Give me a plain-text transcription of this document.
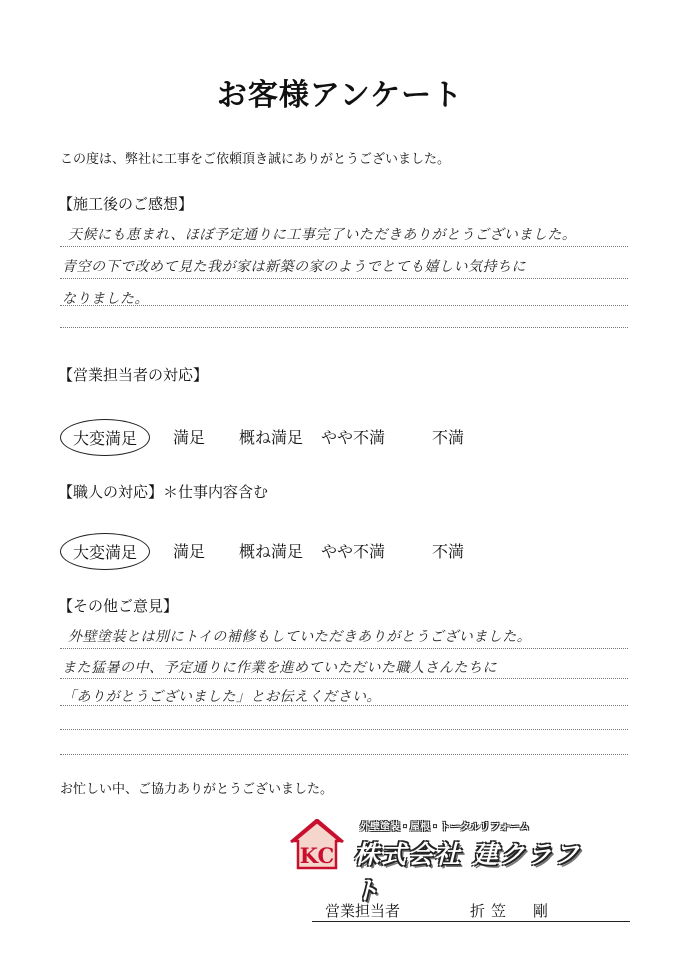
お客様アンケート
この度は、弊社に工事をご依頼頂き誠にありがとうございました。
【施工後のご感想】
天候にも恵まれ、ほぼ予定通りに工事完了いただきありがとうございました。
青空の下で改めて見た我が家は新築の家のようでとても嬉しい気持ちに
なりました。
【営業担当者の対応】
大変満足	満足 概ね満足 やや不満	不満
【職人の対応】＊仕事内容含む
大変満足	満足 概ね満足 やや不満	不満
【その他ご意見】
外壁塗装とは別にトイの補修もしていただきありがとうございました。
また猛暑の中、予定通りに作業を進めていただいた職人さんたちに
「ありがとうございました」とお伝えください。
お忙しい中、ご協力ありがとうございました。
KC
外壁塗装・屋根・トータルリフォーム
株式会社 建クラフト
営業担当者	折笠　剛
